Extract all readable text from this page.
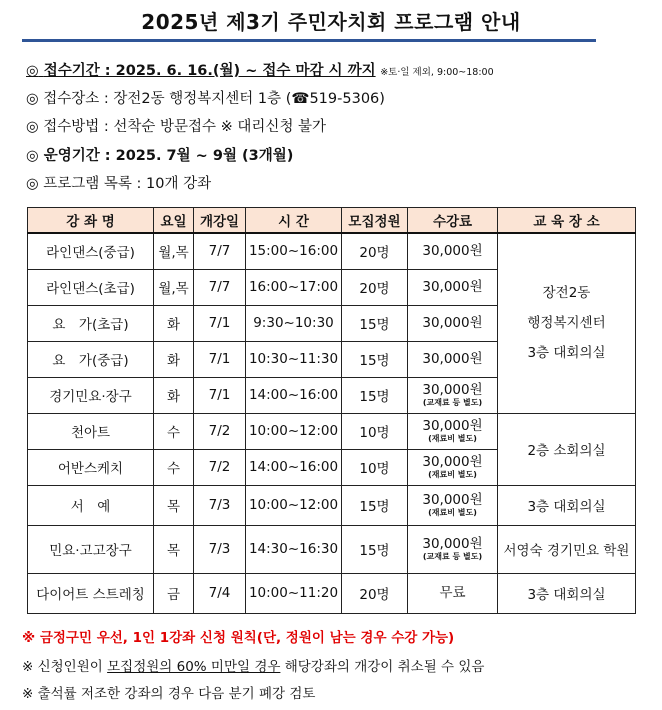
2025년 제3기 주민자치회 프로그램 안내
◎ 접수기간 : 2025. 6. 16.(월) ~ 접수 마감 시 까지 ※토·일 제외, 9:00~18:00
◎ 접수장소 : 장전2동 행정복지센터 1층 (☎519-5306)
◎ 접수방법 : 선착순 방문접수 ※ 대리신청 불가
◎ 운영기간 : 2025. 7월 ~ 9월 (3개월)
◎ 프로그램 목록 : 10개 강좌
강 좌 명	요일	개강일	시 간	모집정원	수강료	교 육 장 소
라인댄스(중급)	월,목	7/7	15:00~16:00	20명	30,000원	장전2동
행정복지센터
3층 대회의실

라인댄스(초급)	월,목	7/7	16:00~17:00	20명	30,000원	

요　가(초급)	화	7/1	9:30~10:30	15명	30,000원	

요　가(중급)	화	7/1	10:30~11:30	15명	30,000원	

경기민요·장구	화	7/1	14:00~16:00	15명	30,000원
(교재료 등 별도)	

천아트	수	7/2	10:00~12:00	10명	30,000원
(재료비 별도)	2층 소회의실
어반스케치	수	7/2	14:00~16:00	10명	30,000원
(재료비 별도)	

서　예	목	7/3	10:00~12:00	15명	30,000원
(재료비 별도)	3층 대회의실
민요·고고장구	목	7/3	14:30~16:30	15명	30,000원
(교재료 등 별도)	서영숙 경기민요 학원
다이어트 스트레칭	금	7/4	10:00~11:20	20명	무료	3층 대회의실
※ 금정구민 우선, 1인 1강좌 신청 원칙(단, 정원이 남는 경우 수강 가능)
※ 신청인원이 모집정원의 60% 미만일 경우 해당강좌의 개강이 취소될 수 있음
※ 출석률 저조한 강좌의 경우 다음 분기 폐강 검토
